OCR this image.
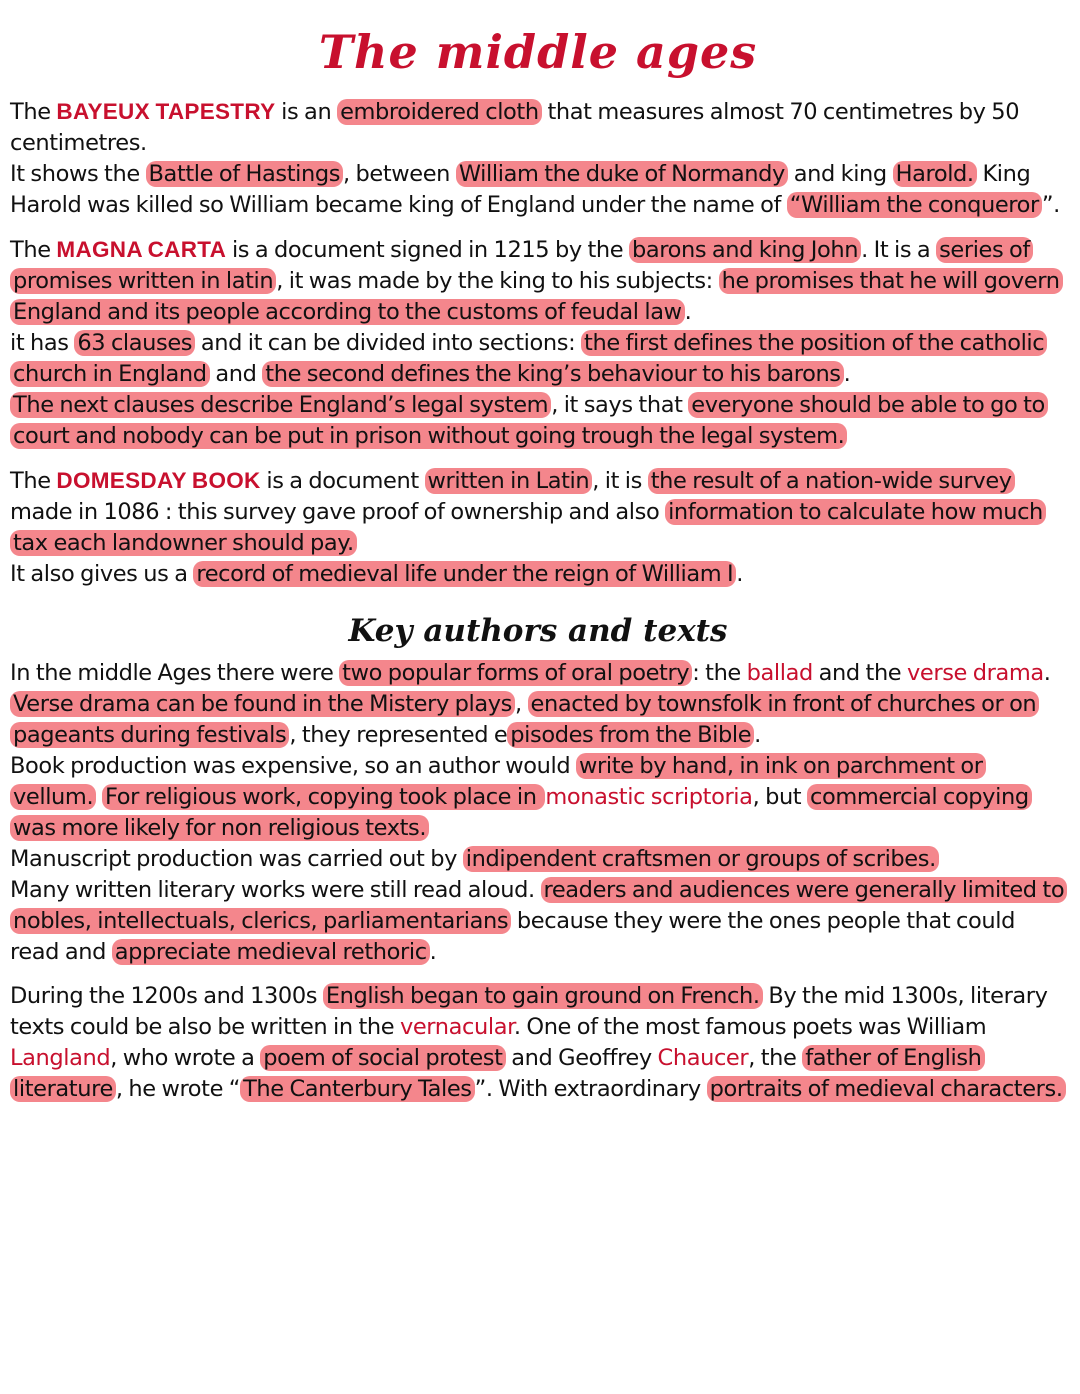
The middle ages
The BAYEUX TAPESTRY is an embroidered cloth that measures almost 70 centimetres by 50 centimetres.
It shows the Battle of Hastings , between William the duke of Normandy and king Harold. King Harold was killed so William became king of England under the name of “William the conqueror ”.
The MAGNA CARTA is a document signed in 1215 by the barons and king John . It is a series of promises written in latin , it was made by the king to his subjects: he promises that he will govern England and its people according to the customs of feudal law .
it has 63 clauses and it can be divided into sections: the first defines the position of the catholic church in England and the second defines the king’s behaviour to his barons .
The next clauses describe England’s legal system , it says that everyone should be able to go to court and nobody can be put in prison without going trough the legal system.
The DOMESDAY BOOK is a document written in Latin , it is the result of a nation-wide survey made in 1086 : this survey gave proof of ownership and also information to calculate how much tax each landowner should pay.
It also gives us a record of medieval life under the reign of William I .
Key authors and texts
In the middle Ages there were two popular forms of oral poetry : the ballad and the verse drama.
Verse drama can be found in the Mistery plays , enacted by townsfolk in front of churches or on pageants during festivals , they represented e pisodes from the Bible .
Book production was expensive, so an author would write by hand, in ink on parchment or vellum. For religious work, copying took place in monastic scriptoria, but commercial copying was more likely for non religious texts.
Manuscript production was carried out by indipendent craftsmen or groups of scribes.
Many written literary works were still read aloud. readers and audiences were generally limited to nobles, intellectuals, clerics, parliamentarians because they were the ones people that could read and appreciate medieval rethoric .
During the 1200s and 1300s English began to gain ground on French. By the mid 1300s, literary texts could be also be written in the vernacular. One of the most famous poets was William Langland, who wrote a poem of social protest and Geoffrey Chaucer, the father of English literature , he wrote “ The Canterbury Tales ”. With extraordinary portraits of medieval characters.
